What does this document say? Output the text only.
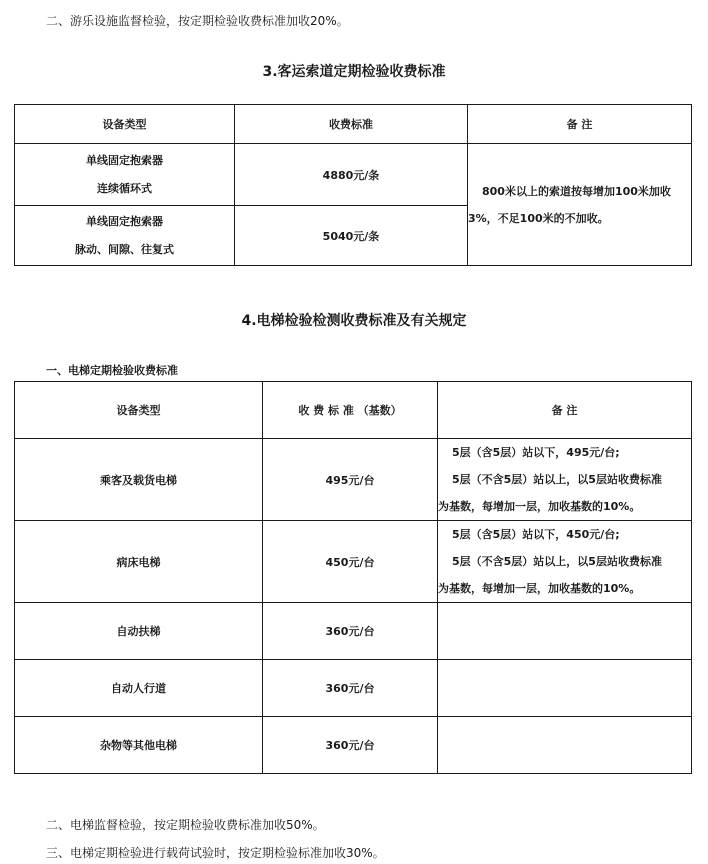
二、游乐设施监督检验，按定期检验收费标准加收20%。
3.客运索道定期检验收费标准
设备类型	收费标准	备 注

单线固定抱索器
连续循环式	4880元/条	800米以上的索道按每增加100米加收
3%，不足100米的不加收。

单线固定抱索器
脉动、间隙、往复式	5040元/条	
4.电梯检验检测收费标准及有关规定
一、电梯定期检验收费标准
设备类型	收 费 标 准 （基数）	备 注
乘客及载货电梯	495元/台	5层（含5层）站以下，495元/台;
5层（不含5层）站以上，以5层站收费标准
为基数，每增加一层，加收基数的10%。

病床电梯	450元/台	5层（含5层）站以下，450元/台;
5层（不含5层）站以上，以5层站收费标准
为基数，每增加一层，加收基数的10%。

自动扶梯	360元/台	
自动人行道	360元/台	
杂物等其他电梯	360元/台	
二、电梯监督检验，按定期检验收费标准加收50%。
三、电梯定期检验进行载荷试验时，按定期检验标准加收30%。
